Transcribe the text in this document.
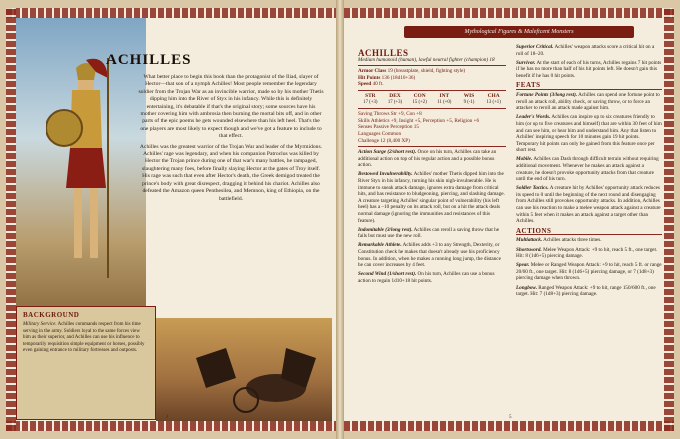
ACHILLES

What better place to begin this book than the protagonist of the Iliad, slayer of Hector—that son of a nymph Achilles! Most people remember the legendary soldier from the Trojan War as an invincible warrior, made so by his mother Thetis dipping him into the River of Styx in his infancy. While this is definitely entertaining, it's debatable if that's the original story; some sources have his mother covering him with ambrosia then burning the mortal bits off, and in other parts of the epic poems he gets wounded elsewhere than his left heel. That's the one players are most likely to expect though and we've got a feature to include to that effect.

Achilles was the greatest warrior of the Trojan War and leader of the Myrmidons. Achilles' rage was legendary, and when his companion Patroclus was killed by Hector the Trojan prince during one of that war's many battles, he rampaged, slaughtering many foes, before finally slaying Hector at the gates of Troy itself. His rage was such that even after Hector's death, the Greek demigod treated the prince's body with great disrespect, dragging it behind his chariot. Achilles also defeated the Amazon queen Penthesilea, and Memnon, king of Ethiopia, on the battlefield.

BACKGROUND

Military Service. Achilles commands respect from his time serving in the army. Soldiers loyal to the same forces view him as their superior, and Achilles can use his influence to temporarily requisition simple equipment or horses, possibly even gaining entrance to military fortresses and outposts.

4
Mythological Figures & Maleficent Monsters
ACHILLES
Medium humanoid (human), lawful neutral fighter (champion) 18
Armor Class 19 (breastplate, shield, fighting style)
Hit Points 136 (18d10+36)
Speed 40 ft.
STR	DEX	CON	INT	WIS	CHA
17 (+3)	17 (+3)	15 (+2)	11 (+0)	9 (-1)	13 (+1)
Saving Throws Str +9, Con +8
Skills Athletics +9, Insight +5, Perception +5, Religion +6
Senses Passive Perception 15
Languages Common
Challenge 12 (8,400 XP)
Action Surge (2/short rest). Once on his turn, Achilles can take an additional action on top of his regular action and a possible bonus action.
Bestowed Invulnerability. Achilles' mother Thetis dipped him into the River Styx in his infancy, turning his skin nigh-invulnerable. He is immune to sneak attack damage, ignores extra damage from critical hits, and has resistance to bludgeoning, piercing, and slashing damage. A creature targeting Achilles' singular point of vulnerability (his left heel) has a –10 penalty on its attack roll, but on a hit the attack deals normal damage (ignoring the immunities and resistances of this feature).
Indomitable (3/long rest). Achilles can reroll a saving throw that he fails but must use the new roll.
Remarkable Athlete. Achilles adds +3 to any Strength, Dexterity, or Constitution check he makes that doesn't already use his proficiency bonus. In addition, when he makes a running long jump, the distance he can cover increases by 4 feet.
Second Wind (1/short rest). On his turn, Achilles can use a bonus action to regain 1d10+18 hit points.
Superior Critical. Achilles' weapon attacks score a critical hit on a roll of 18–20.
Survivor. At the start of each of his turns, Achilles regains 7 hit points if he has no more than half of his hit points left. He doesn't gain this benefit if he has 0 hit points.
FEATS
Fortune Points (3/long rest). Achilles can spend one fortune point to reroll an attack roll, ability check, or saving throw, or to force an attacker to reroll an attack made against him.
Leader's Words. Achilles can inspire up to six creatures friendly to him (or up to five creatures and himself) that are within 30 feet of him and can see him, or hear him and understand him. Any that listen to Achilles' inspiring speech for 10 minutes gain 19 hit points. Temporary hit points can only be gained from this feature once per short rest.
Mobile. Achilles can Dash through difficult terrain without requiring additional movement. Whenever he makes an attack against a creature, he doesn't provoke opportunity attacks from that creature until the end of his turn.
Soldier Tactics. A creature hit by Achilles' opportunity attack reduces its speed to 0 until the beginning of the next round and disengaging from Achilles still provokes opportunity attacks. In addition, Achilles can use his reaction to make a melee weapon attack against a creature within 5 feet when it makes an attack against a target other than Achilles.
ACTIONS
Multiattack. Achilles attacks three times.
Shortsword. Melee Weapon Attack: +9 to hit, reach 5 ft., one target. Hit: 8 (1d6+5) piercing damage.
Spear. Melee or Ranged Weapon Attack: +9 to hit, reach 5 ft. or range 20/60 ft., one target. Hit: 8 (1d6+5) piercing damage, or 7 (1d8+3) piercing damage when thrown.
Longbow. Ranged Weapon Attack: +9 to hit, range 150/600 ft., one target. Hit: 7 (1d8+3) piercing damage.
5
